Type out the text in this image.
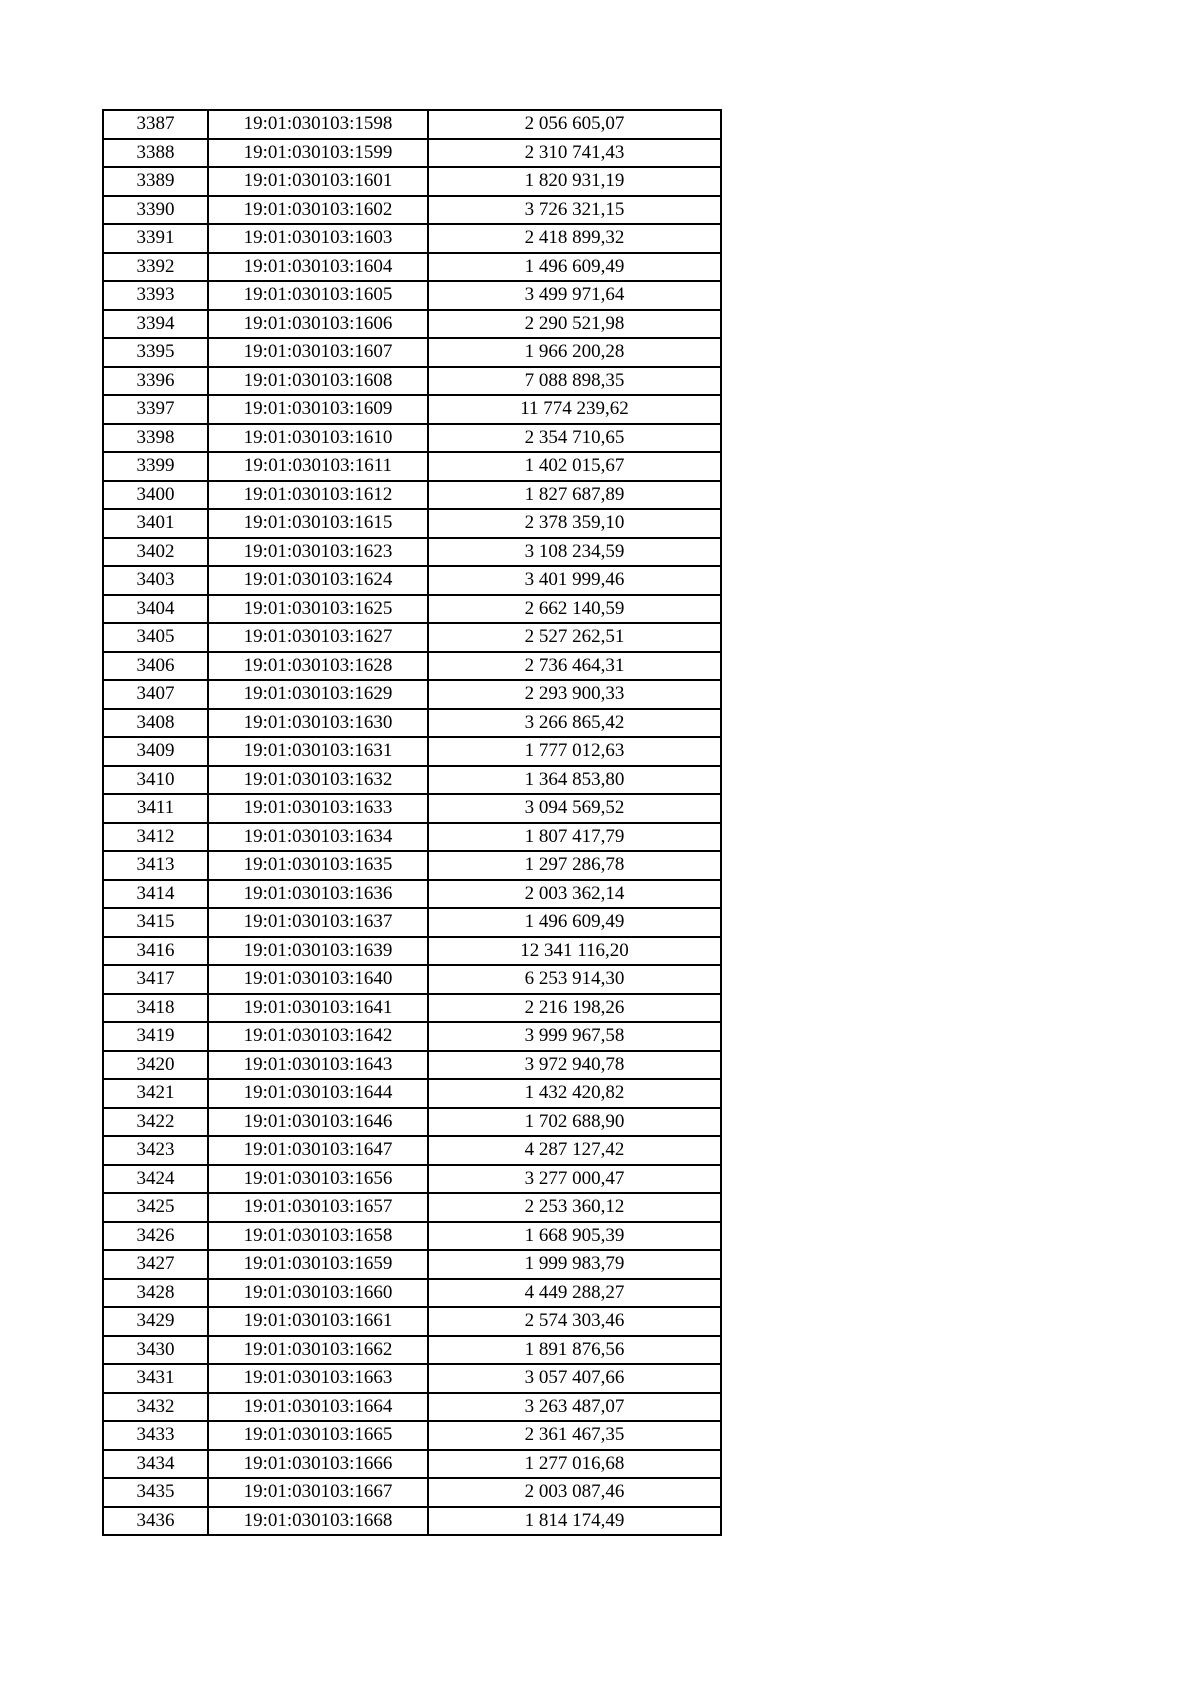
3387	19:01:030103:1598	2 056 605,07
3388	19:01:030103:1599	2 310 741,43
3389	19:01:030103:1601	1 820 931,19
3390	19:01:030103:1602	3 726 321,15
3391	19:01:030103:1603	2 418 899,32
3392	19:01:030103:1604	1 496 609,49
3393	19:01:030103:1605	3 499 971,64
3394	19:01:030103:1606	2 290 521,98
3395	19:01:030103:1607	1 966 200,28
3396	19:01:030103:1608	7 088 898,35
3397	19:01:030103:1609	11 774 239,62
3398	19:01:030103:1610	2 354 710,65
3399	19:01:030103:1611	1 402 015,67
3400	19:01:030103:1612	1 827 687,89
3401	19:01:030103:1615	2 378 359,10
3402	19:01:030103:1623	3 108 234,59
3403	19:01:030103:1624	3 401 999,46
3404	19:01:030103:1625	2 662 140,59
3405	19:01:030103:1627	2 527 262,51
3406	19:01:030103:1628	2 736 464,31
3407	19:01:030103:1629	2 293 900,33
3408	19:01:030103:1630	3 266 865,42
3409	19:01:030103:1631	1 777 012,63
3410	19:01:030103:1632	1 364 853,80
3411	19:01:030103:1633	3 094 569,52
3412	19:01:030103:1634	1 807 417,79
3413	19:01:030103:1635	1 297 286,78
3414	19:01:030103:1636	2 003 362,14
3415	19:01:030103:1637	1 496 609,49
3416	19:01:030103:1639	12 341 116,20
3417	19:01:030103:1640	6 253 914,30
3418	19:01:030103:1641	2 216 198,26
3419	19:01:030103:1642	3 999 967,58
3420	19:01:030103:1643	3 972 940,78
3421	19:01:030103:1644	1 432 420,82
3422	19:01:030103:1646	1 702 688,90
3423	19:01:030103:1647	4 287 127,42
3424	19:01:030103:1656	3 277 000,47
3425	19:01:030103:1657	2 253 360,12
3426	19:01:030103:1658	1 668 905,39
3427	19:01:030103:1659	1 999 983,79
3428	19:01:030103:1660	4 449 288,27
3429	19:01:030103:1661	2 574 303,46
3430	19:01:030103:1662	1 891 876,56
3431	19:01:030103:1663	3 057 407,66
3432	19:01:030103:1664	3 263 487,07
3433	19:01:030103:1665	2 361 467,35
3434	19:01:030103:1666	1 277 016,68
3435	19:01:030103:1667	2 003 087,46
3436	19:01:030103:1668	1 814 174,49
